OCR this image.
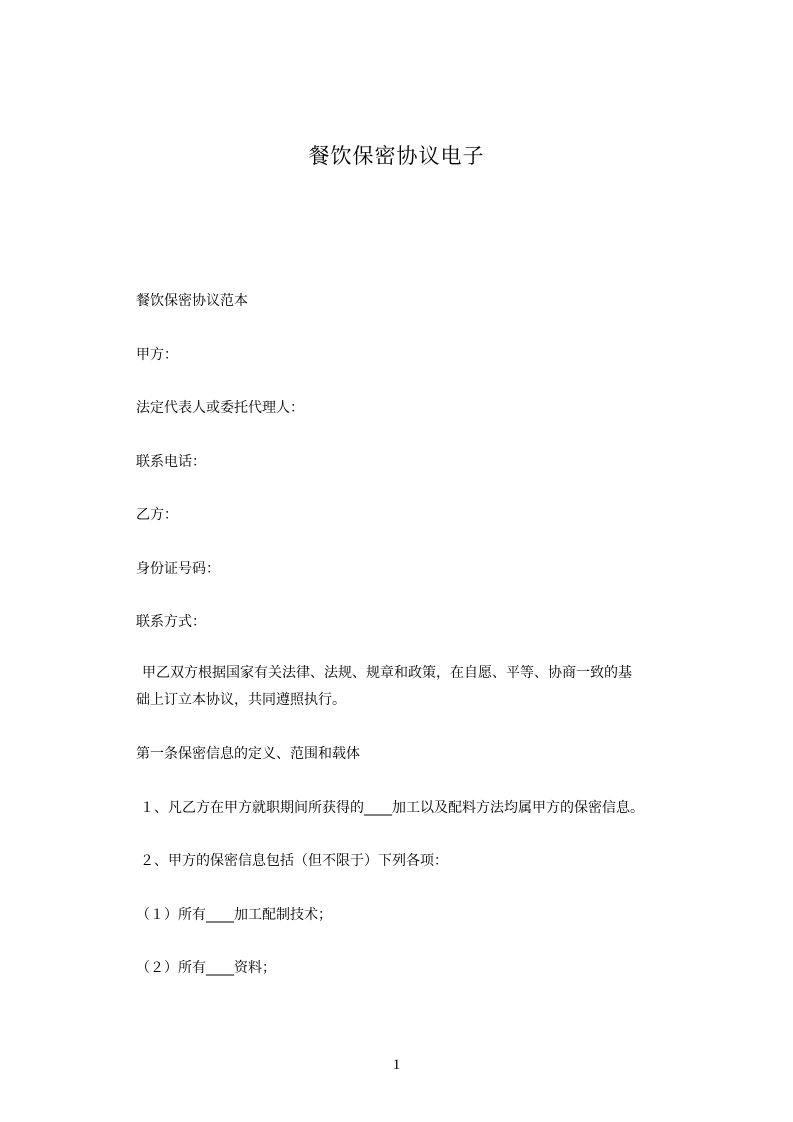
餐饮保密协议电子

餐饮保密协议范本

甲方：

法定代表人或委托代理人：

联系电话：

乙方：

身份证号码：

联系方式：

甲乙双方根据国家有关法律、法规、规章和政策，在自愿、平等、协商一致的基
础上订立本协议，共同遵照执行。

第一条保密信息的定义、范围和载体

１、凡乙方在甲方就职期间所获得的____加工以及配料方法均属甲方的保密信息。

２、甲方的保密信息包括（但不限于）下列各项：

（１）所有____加工配制技术；

（２）所有____资料；

1
